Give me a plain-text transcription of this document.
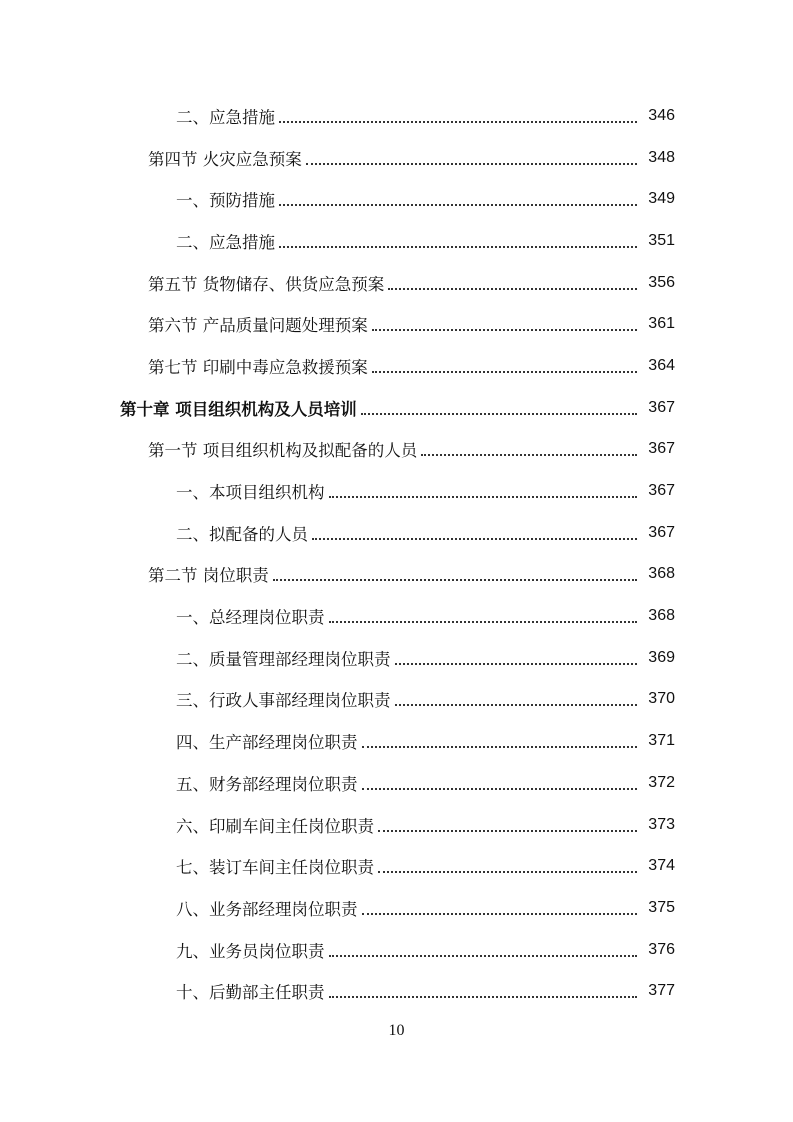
二、应急措施	346
第四节 火灾应急预案	348
一、预防措施	349
二、应急措施	351
第五节 货物储存、供货应急预案	356
第六节 产品质量问题处理预案	361
第七节 印刷中毒应急救援预案	364
第十章 项目组织机构及人员培训	367
第一节 项目组织机构及拟配备的人员	367
一、本项目组织机构	367
二、拟配备的人员	367
第二节 岗位职责	368
一、总经理岗位职责	368
二、质量管理部经理岗位职责	369
三、行政人事部经理岗位职责	370
四、生产部经理岗位职责	371
五、财务部经理岗位职责	372
六、印刷车间主任岗位职责	373
七、装订车间主任岗位职责	374
八、业务部经理岗位职责	375
九、业务员岗位职责	376
十、后勤部主任职责	377
10
